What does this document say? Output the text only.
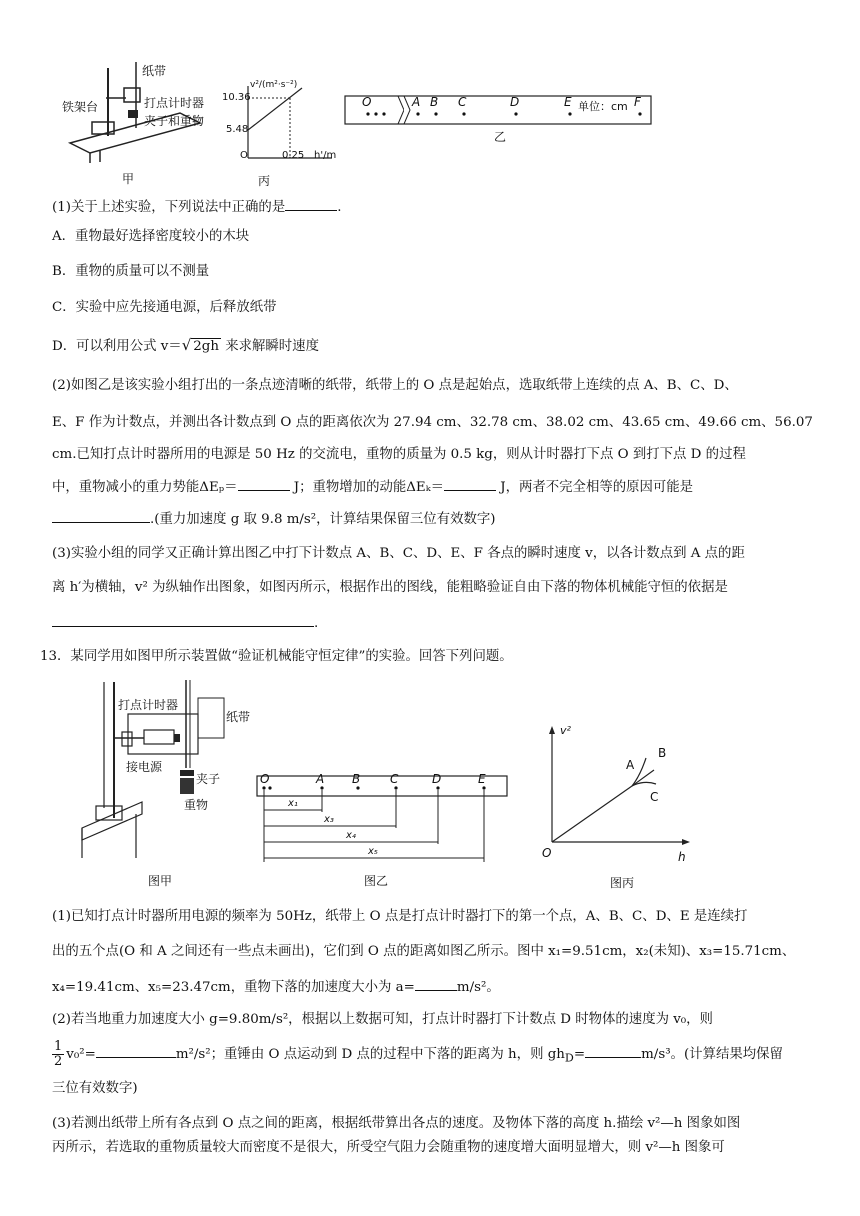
纸带
铁架台	打点计时器
夹子和重物
甲
v²/(m²·s⁻²)
10.36
5.48
O	0.25 h'/m
丙
O	A B C	D	E 单位：cm F
乙
(1)关于上述实验，下列说法中正确的是	.
A．重物最好选择密度较小的木块
B．重物的质量可以不测量
C．实验中应先接通电源，后释放纸带
D．可以利用公式 v＝√ 2gh 来求解瞬时速度
(2)如图乙是该实验小组打出的一条点迹清晰的纸带，纸带上的 O 点是起始点，选取纸带上连续的点 A、B、C、D、
E、F 作为计数点，并测出各计数点到 O 点的距离依次为 27.94 cm、32.78 cm、38.02 cm、43.65 cm、49.66 cm、56.07
cm.已知打点计时器所用的电源是 50 Hz 的交流电，重物的质量为 0.5 kg，则从计时器打下点 O 到打下点 D 的过程
中，重物减小的重力势能ΔEₚ＝	J；重物增加的动能ΔEₖ＝	J，两者不完全相等的原因可能是
.(重力加速度 g 取 9.8 m/s²，计算结果保留三位有效数字)
(3)实验小组的同学又正确计算出图乙中打下计数点 A、B、C、D、E、F 各点的瞬时速度 v，以各计数点到 A 点的距
离 h′为横轴，v² 为纵轴作出图象，如图丙所示，根据作出的图线，能粗略验证自由下落的物体机械能守恒的依据是
.
13．某同学用如图甲所示装置做“验证机械能守恒定律”的实验。回答下列问题。
打点计时器
纸带
接电源
夹子
重物
图甲
O	A B C	D	E
x₁
x₃
x₄
x₅
图乙
v²
O	h
A
B
C
图丙
(1)已知打点计时器所用电源的频率为 50Hz，纸带上 O 点是打点计时器打下的第一个点，A、B、C、D、E 是连续打
出的五个点(O 和 A 之间还有一些点未画出)，它们到 O 点的距离如图乙所示。图中 x₁=9.51cm，x₂(未知)、x₃=15.71cm、
x₄=19.41cm、x₅=23.47cm，重物下落的加速度大小为 a=	m/s²。
(2)若当地重力加速度大小 g=9.80m/s²，根据以上数据可知，打点计时器打下计数点 D 时物体的速度为 v₀，则
$\frac{1}{2} v_0^2=$	m²/s²；重锤由 O 点运动到 D 点的过程中下落的距离为 h，则 $gh_D=$	m/s³。(计算结果均保留
三位有效数字)
(3)若测出纸带上所有各点到 O 点之间的距离，根据纸带算出各点的速度。及物体下落的高度 h.描绘 v²—h 图象如图
丙所示，若选取的重物质量较大而密度不是很大，所受空气阻力会随重物的速度增大面明显增大，则 v²—h 图象可
